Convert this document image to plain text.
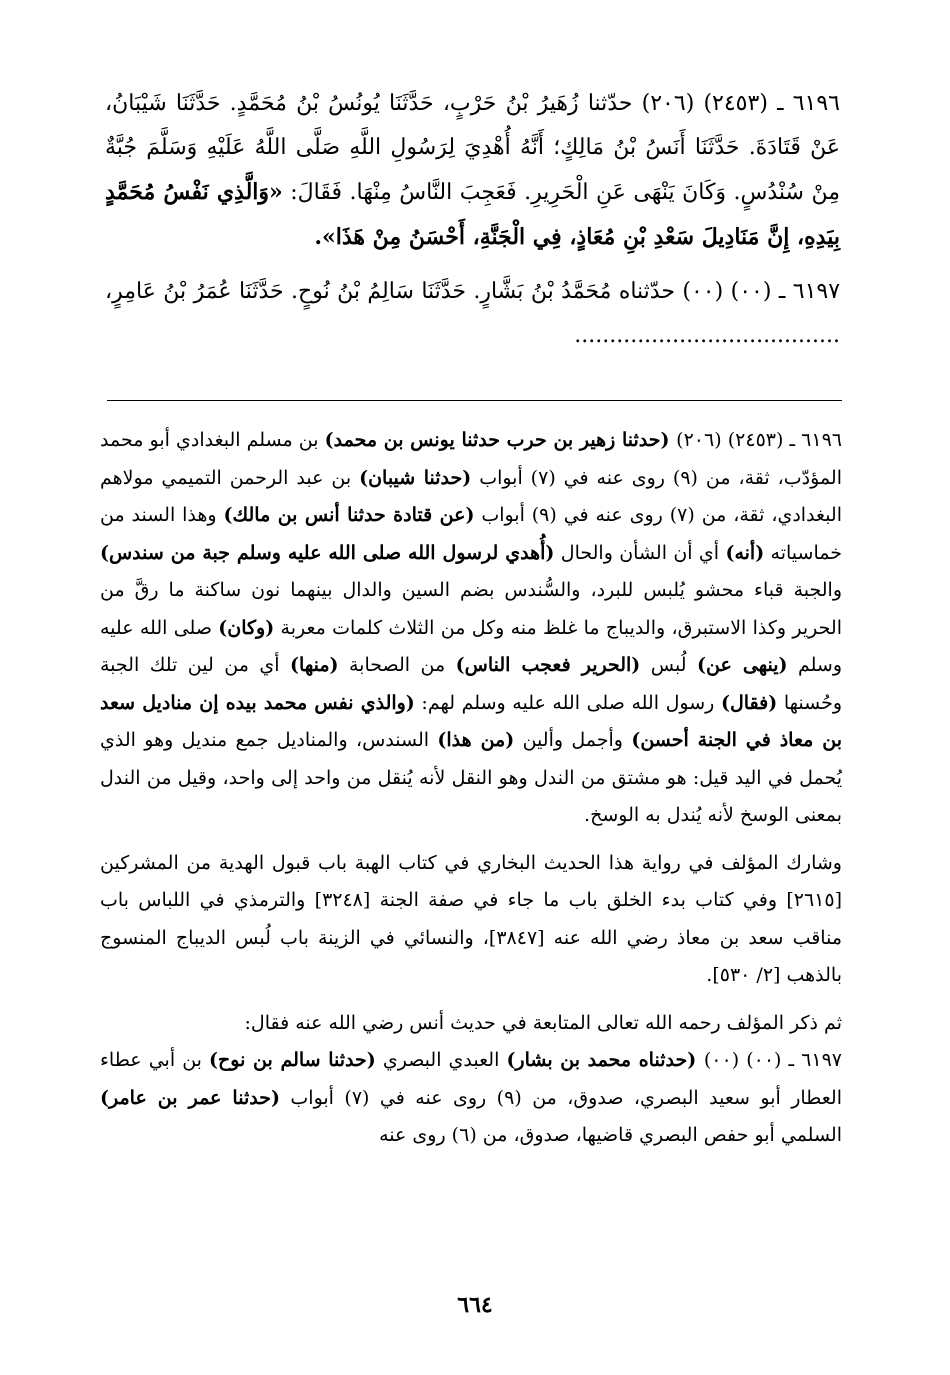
٦١٩٦ ـ (٢٤٥٣) (٢٠٦) حدّثنا زُهَيرُ بْنُ حَرْبٍ، حَدَّثَنَا يُونُسُ بْنُ مُحَمَّدٍ. حَدَّثَنَا شَيْبَانُ، عَنْ قَتَادَةَ. حَدَّثَنَا أَنَسُ بْنُ مَالِكٍ؛ أَنَّهُ أُهْدِيَ لِرَسُولِ اللَّهِ صَلَّى اللَّهُ عَلَيْهِ وَسَلَّمَ جُبَّةٌ مِنْ سُنْدُسٍ. وَكَانَ يَنْهَى عَنِ الْحَرِيرِ. فَعَجِبَ النَّاسُ مِنْهَا. فَقَالَ: «وَالَّذِي نَفْسُ مُحَمَّدٍ بِيَدِهِ، إِنَّ مَنَادِيلَ سَعْدِ بْنِ مُعَاذٍ، فِي الْجَنَّةِ، أَحْسَنُ مِنْ هَذَا».

٦١٩٧ ـ (٠٠) (٠٠) حدّثناه مُحَمَّدُ بْنُ بَشَّارٍ. حَدَّثَنَا سَالِمُ بْنُ نُوحٍ. حَدَّثَنَا عُمَرُ بْنُ عَامِرٍ، ......................................

٦١٩٦ ـ (٢٤٥٣) (٢٠٦) (حدثنا زهير بن حرب حدثنا يونس بن محمد) بن مسلم البغدادي أبو محمد المؤدّب، ثقة، من (٩) روى عنه في (٧) أبواب (حدثنا شيبان) بن عبد الرحمن التميمي مولاهم البغدادي، ثقة، من (٧) روى عنه في (٩) أبواب (عن قتادة حدثنا أنس بن مالك) وهذا السند من خماسياته (أنه) أي أن الشأن والحال (أُهدي لرسول الله صلى الله عليه وسلم جبة من سندس) والجبة قباء محشو يُلبس للبرد، والسُّندس بضم السين والدال بينهما نون ساكنة ما رقَّ من الحرير وكذا الاستبرق، والديباج ما غلظ منه وكل من الثلاث كلمات معربة (وكان) صلى الله عليه وسلم (ينهى عن) لُبس (الحرير فعجب الناس) من الصحابة (منها) أي من لين تلك الجبة وحُسنها (فقال) رسول الله صلى الله عليه وسلم لهم: (والذي نفس محمد بيده إن مناديل سعد بن معاذ في الجنة أحسن) وأجمل وألين (من هذا) السندس، والمناديل جمع منديل وهو الذي يُحمل في اليد قيل: هو مشتق من الندل وهو النقل لأنه يُنقل من واحد إلى واحد، وقيل من الندل بمعنى الوسخ لأنه يُندل به الوسخ.

وشارك المؤلف في رواية هذا الحديث البخاري في كتاب الهبة باب قبول الهدية من المشركين [٢٦١٥] وفي كتاب بدء الخلق باب ما جاء في صفة الجنة [٣٢٤٨] والترمذي في اللباس باب مناقب سعد بن معاذ رضي الله عنه [٣٨٤٧]، والنسائي في الزينة باب لُبس الديباج المنسوج بالذهب [٢/ ٥٣٠].

ثم ذكر المؤلف رحمه الله تعالى المتابعة في حديث أنس رضي الله عنه فقال:

٦١٩٧ ـ (٠٠) (٠٠) (حدثناه محمد بن بشار) العبدي البصري (حدثنا سالم بن نوح) بن أبي عطاء العطار أبو سعيد البصري، صدوق، من (٩) روى عنه في (٧) أبواب (حدثنا عمر بن عامر) السلمي أبو حفص البصري قاضيها، صدوق، من (٦) روى عنه

٦٦٤
